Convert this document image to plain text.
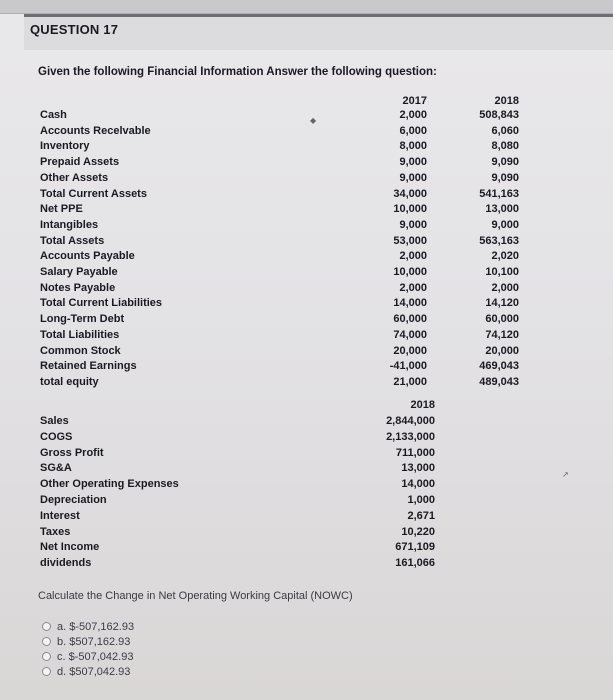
QUESTION 17
Given the following Financial Information Answer the following question:
2017	2018
Cash	2,000	508,843
Accounts Recelvable	6,000	6,060
Inventory	8,000	8,080
Prepaid Assets	9,000	9,090
Other Assets	9,000	9,090
Total Current Assets	34,000	541,163
Net PPE	10,000	13,000
Intangibles	9,000	9,000
Total Assets	53,000	563,163
Accounts Payable	2,000	2,020
Salary Payable	10,000	10,100
Notes Payable	2,000	2,000
Total Current Liabilities	14,000	14,120
Long-Term Debt	60,000	60,000
Total Liabilities	74,000	74,120
Common Stock	20,000	20,000
Retained Earnings	-41,000	469,043
total equity	21,000	489,043
2018
Sales	2,844,000
COGS	2,133,000
Gross Profit	711,000
SG&A	13,000
Other Operating Expenses	14,000
Depreciation	1,000
Interest	2,671
Taxes	10,220
Net Income	671,109
dividends	161,066
Calculate the Change in Net Operating Working Capital (NOWC)
a. $-507,162.93
b. $507,162.93
c. $-507,042.93
d. $507,042.93
◆
↗
